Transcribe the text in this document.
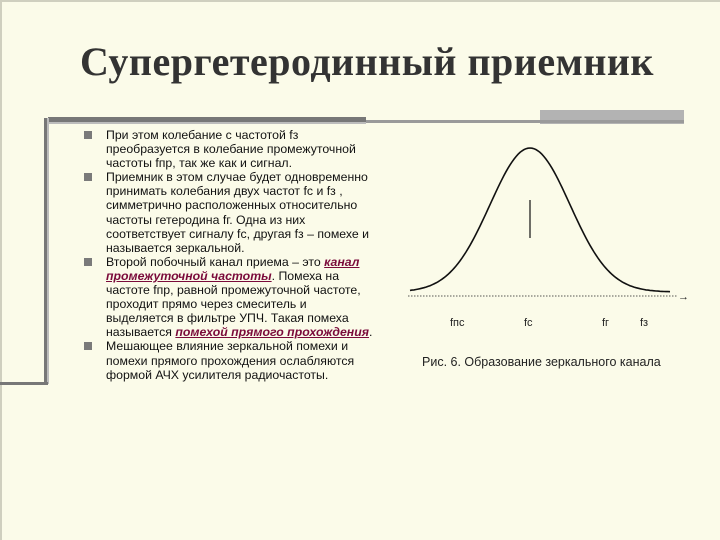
Супергетеродинный приемник
При этом колебание с частотой fз преобразуется в колебание промежуточной частоты fпр, так же как и сигнал.
Приемник в этом случае будет одновременно принимать колебания двух частот fc и fз , симметрично расположенных относительно частоты гетеродина fг. Одна из них соответствует сигналу fc, другая fз – помехе и называется зеркальной.
Второй побочный канал приема – это канал промежуточной частоты. Помеха на частоте fпр, равной промежуточной частоте, проходит прямо через смеситель и выделяется в фильтре УПЧ. Такая помеха называется помехой прямого прохождения.
Мешающее влияние зеркальной помехи и помехи прямого прохождения ослабляются формой АЧХ усилителя радиочастоты.
→
fпс	fс	fг	fз
Рис. 6. Образование зеркального канала
